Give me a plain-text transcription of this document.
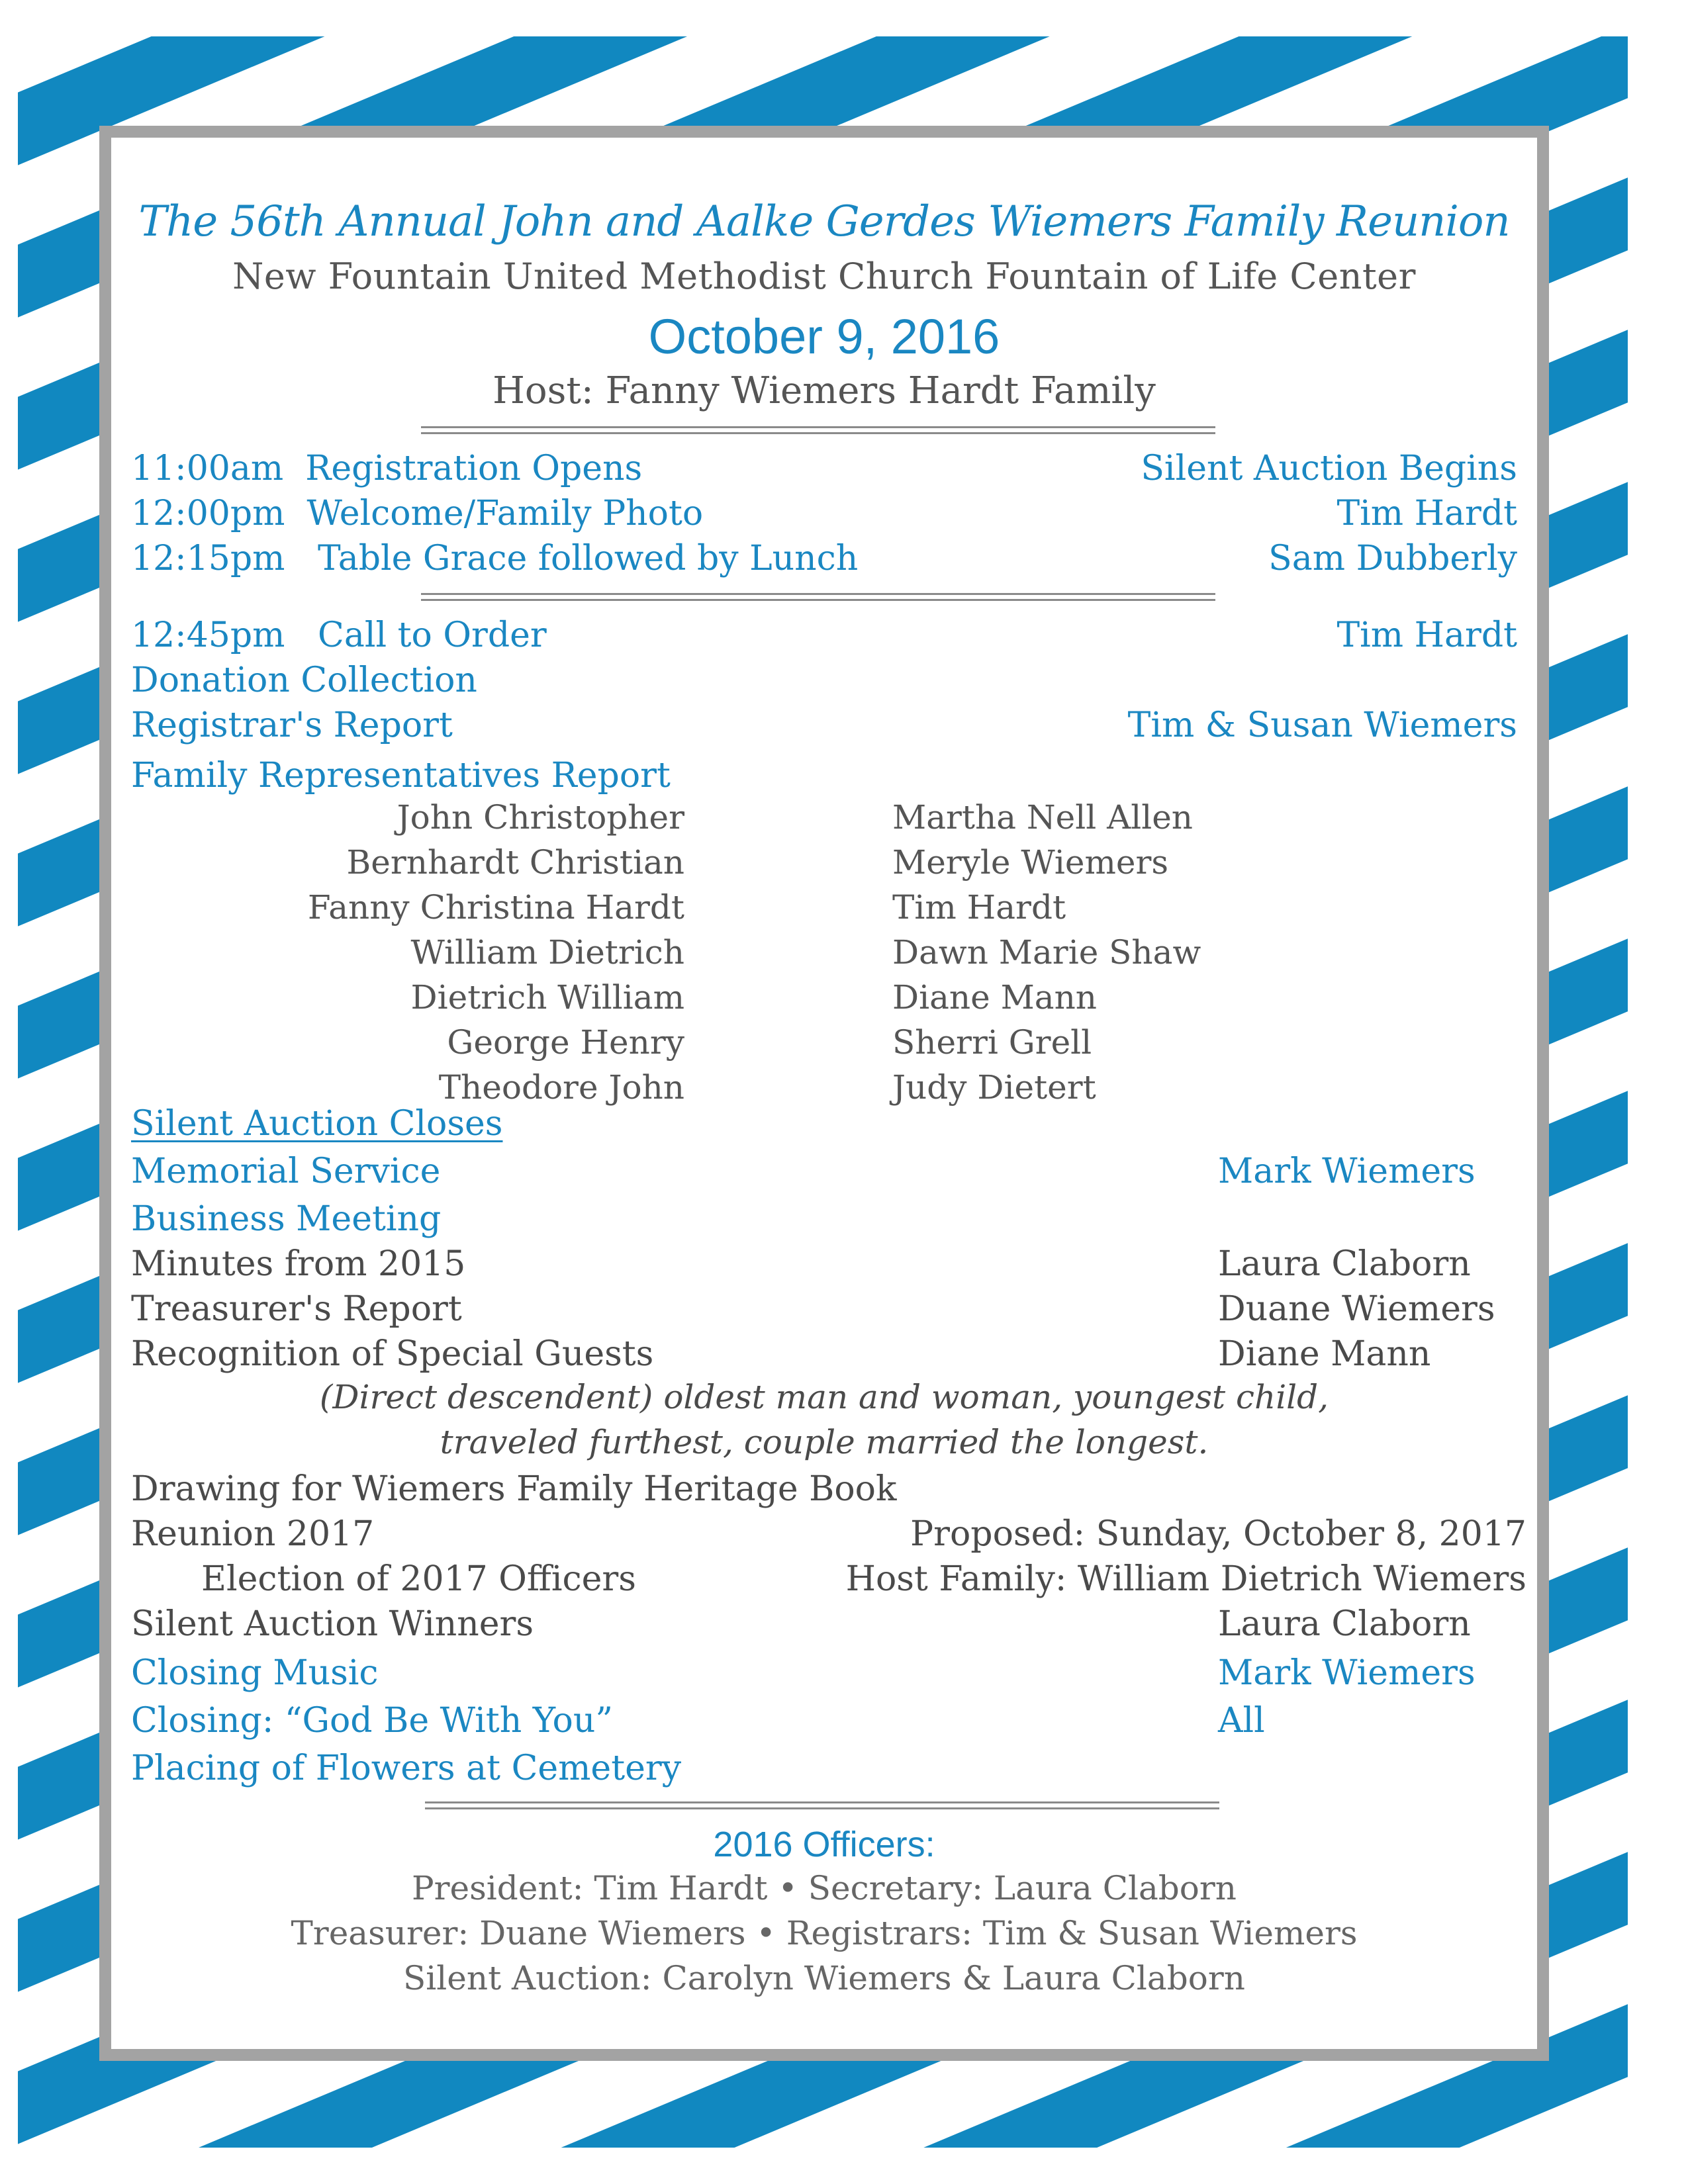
The 56th Annual John and Aalke Gerdes Wiemers Family Reunion
New Fountain United Methodist Church Fountain of Life Center
October 9, 2016
Host: Fanny Wiemers Hardt Family
11:00am Registration Opens	Silent Auction Begins
12:00pm Welcome/Family Photo	Tim Hardt
12:15pm Table Grace followed by Lunch	Sam Dubberly
12:45pm Call to Order	Tim Hardt
Donation Collection
Registrar's Report	Tim & Susan Wiemers
Family Representatives Report
John Christopher	Martha Nell Allen
Bernhardt Christian	Meryle Wiemers
Fanny Christina Hardt	Tim Hardt
William Dietrich	Dawn Marie Shaw
Dietrich William	Diane Mann
George Henry	Sherri Grell
Theodore John	Judy Dietert
Silent Auction Closes
Memorial Service	Mark Wiemers
Business Meeting
Minutes from 2015	Laura Claborn
Treasurer's Report	Duane Wiemers
Recognition of Special Guests	Diane Mann
(Direct descendent) oldest man and woman, youngest child,
traveled furthest, couple married the longest.
Drawing for Wiemers Family Heritage Book
Reunion 2017	Proposed: Sunday, October 8, 2017
Election of 2017 Officers	Host Family: William Dietrich Wiemers
Silent Auction Winners	Laura Claborn
Closing Music	Mark Wiemers
Closing: “God Be With You”	All
Placing of Flowers at Cemetery
2016 Officers:
President: Tim Hardt • Secretary: Laura Claborn
Treasurer: Duane Wiemers • Registrars: Tim & Susan Wiemers
Silent Auction: Carolyn Wiemers & Laura Claborn
